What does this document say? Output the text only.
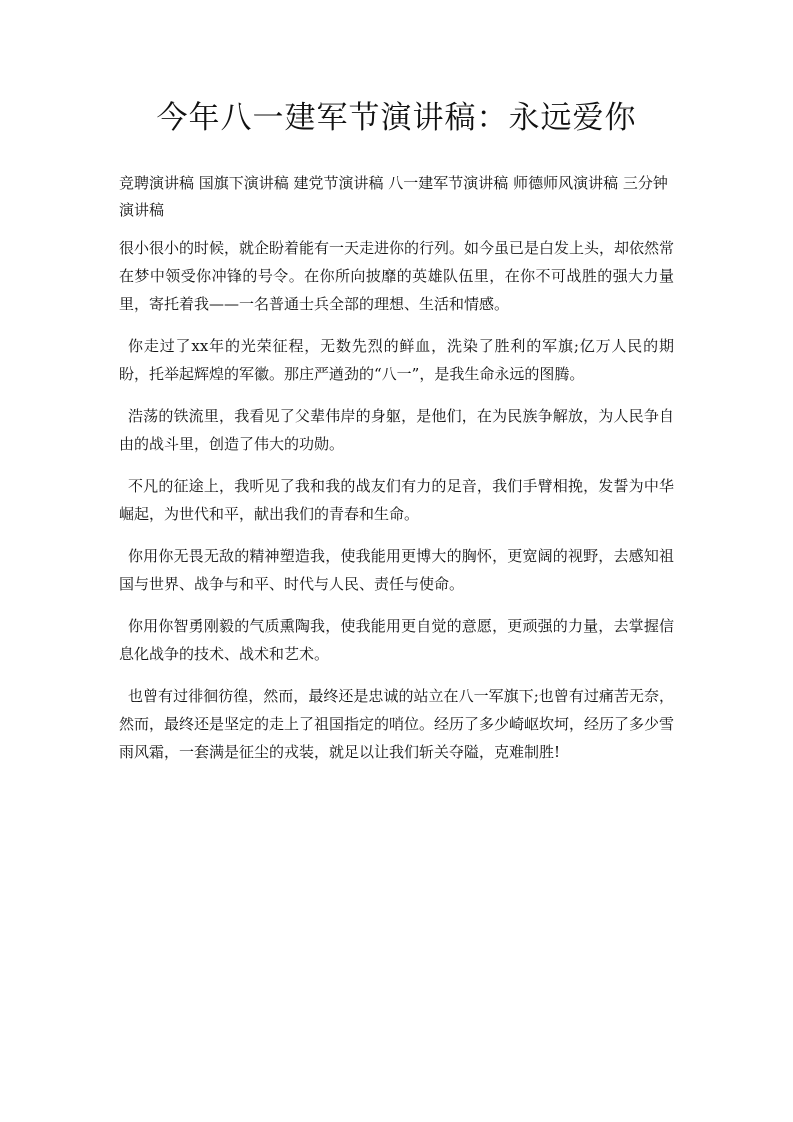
今年八一建军节演讲稿：永远爱你
竞聘演讲稿 国旗下演讲稿 建党节演讲稿 八一建军节演讲稿 师德师风演讲稿 三分钟演讲稿

很小很小的时候，就企盼着能有一天走进你的行列。如今虽已是白发上头，却依然常在梦中领受你冲锋的号令。在你所向披靡的英雄队伍里，在你不可战胜的强大力量里，寄托着我——一名普通士兵全部的理想、生活和情感。

你走过了xx年的光荣征程，无数先烈的鲜血，洗染了胜利的军旗;亿万人民的期盼，托举起辉煌的军徽。那庄严遒劲的“八一”，是我生命永远的图腾。

浩荡的铁流里，我看见了父辈伟岸的身躯，是他们，在为民族争解放，为人民争自由的战斗里，创造了伟大的功勋。

不凡的征途上，我听见了我和我的战友们有力的足音，我们手臂相挽，发誓为中华崛起，为世代和平，献出我们的青春和生命。

你用你无畏无敌的精神塑造我，使我能用更博大的胸怀，更宽阔的视野，去感知祖国与世界、战争与和平、时代与人民、责任与使命。

你用你智勇刚毅的气质熏陶我，使我能用更自觉的意愿，更顽强的力量，去掌握信息化战争的技术、战术和艺术。

也曾有过徘徊彷徨，然而，最终还是忠诚的站立在八一军旗下;也曾有过痛苦无奈，然而，最终还是坚定的走上了祖国指定的哨位。经历了多少崎岖坎坷，经历了多少雪雨风霜，一套满是征尘的戎装，就足以让我们斩关夺隘，克难制胜!
